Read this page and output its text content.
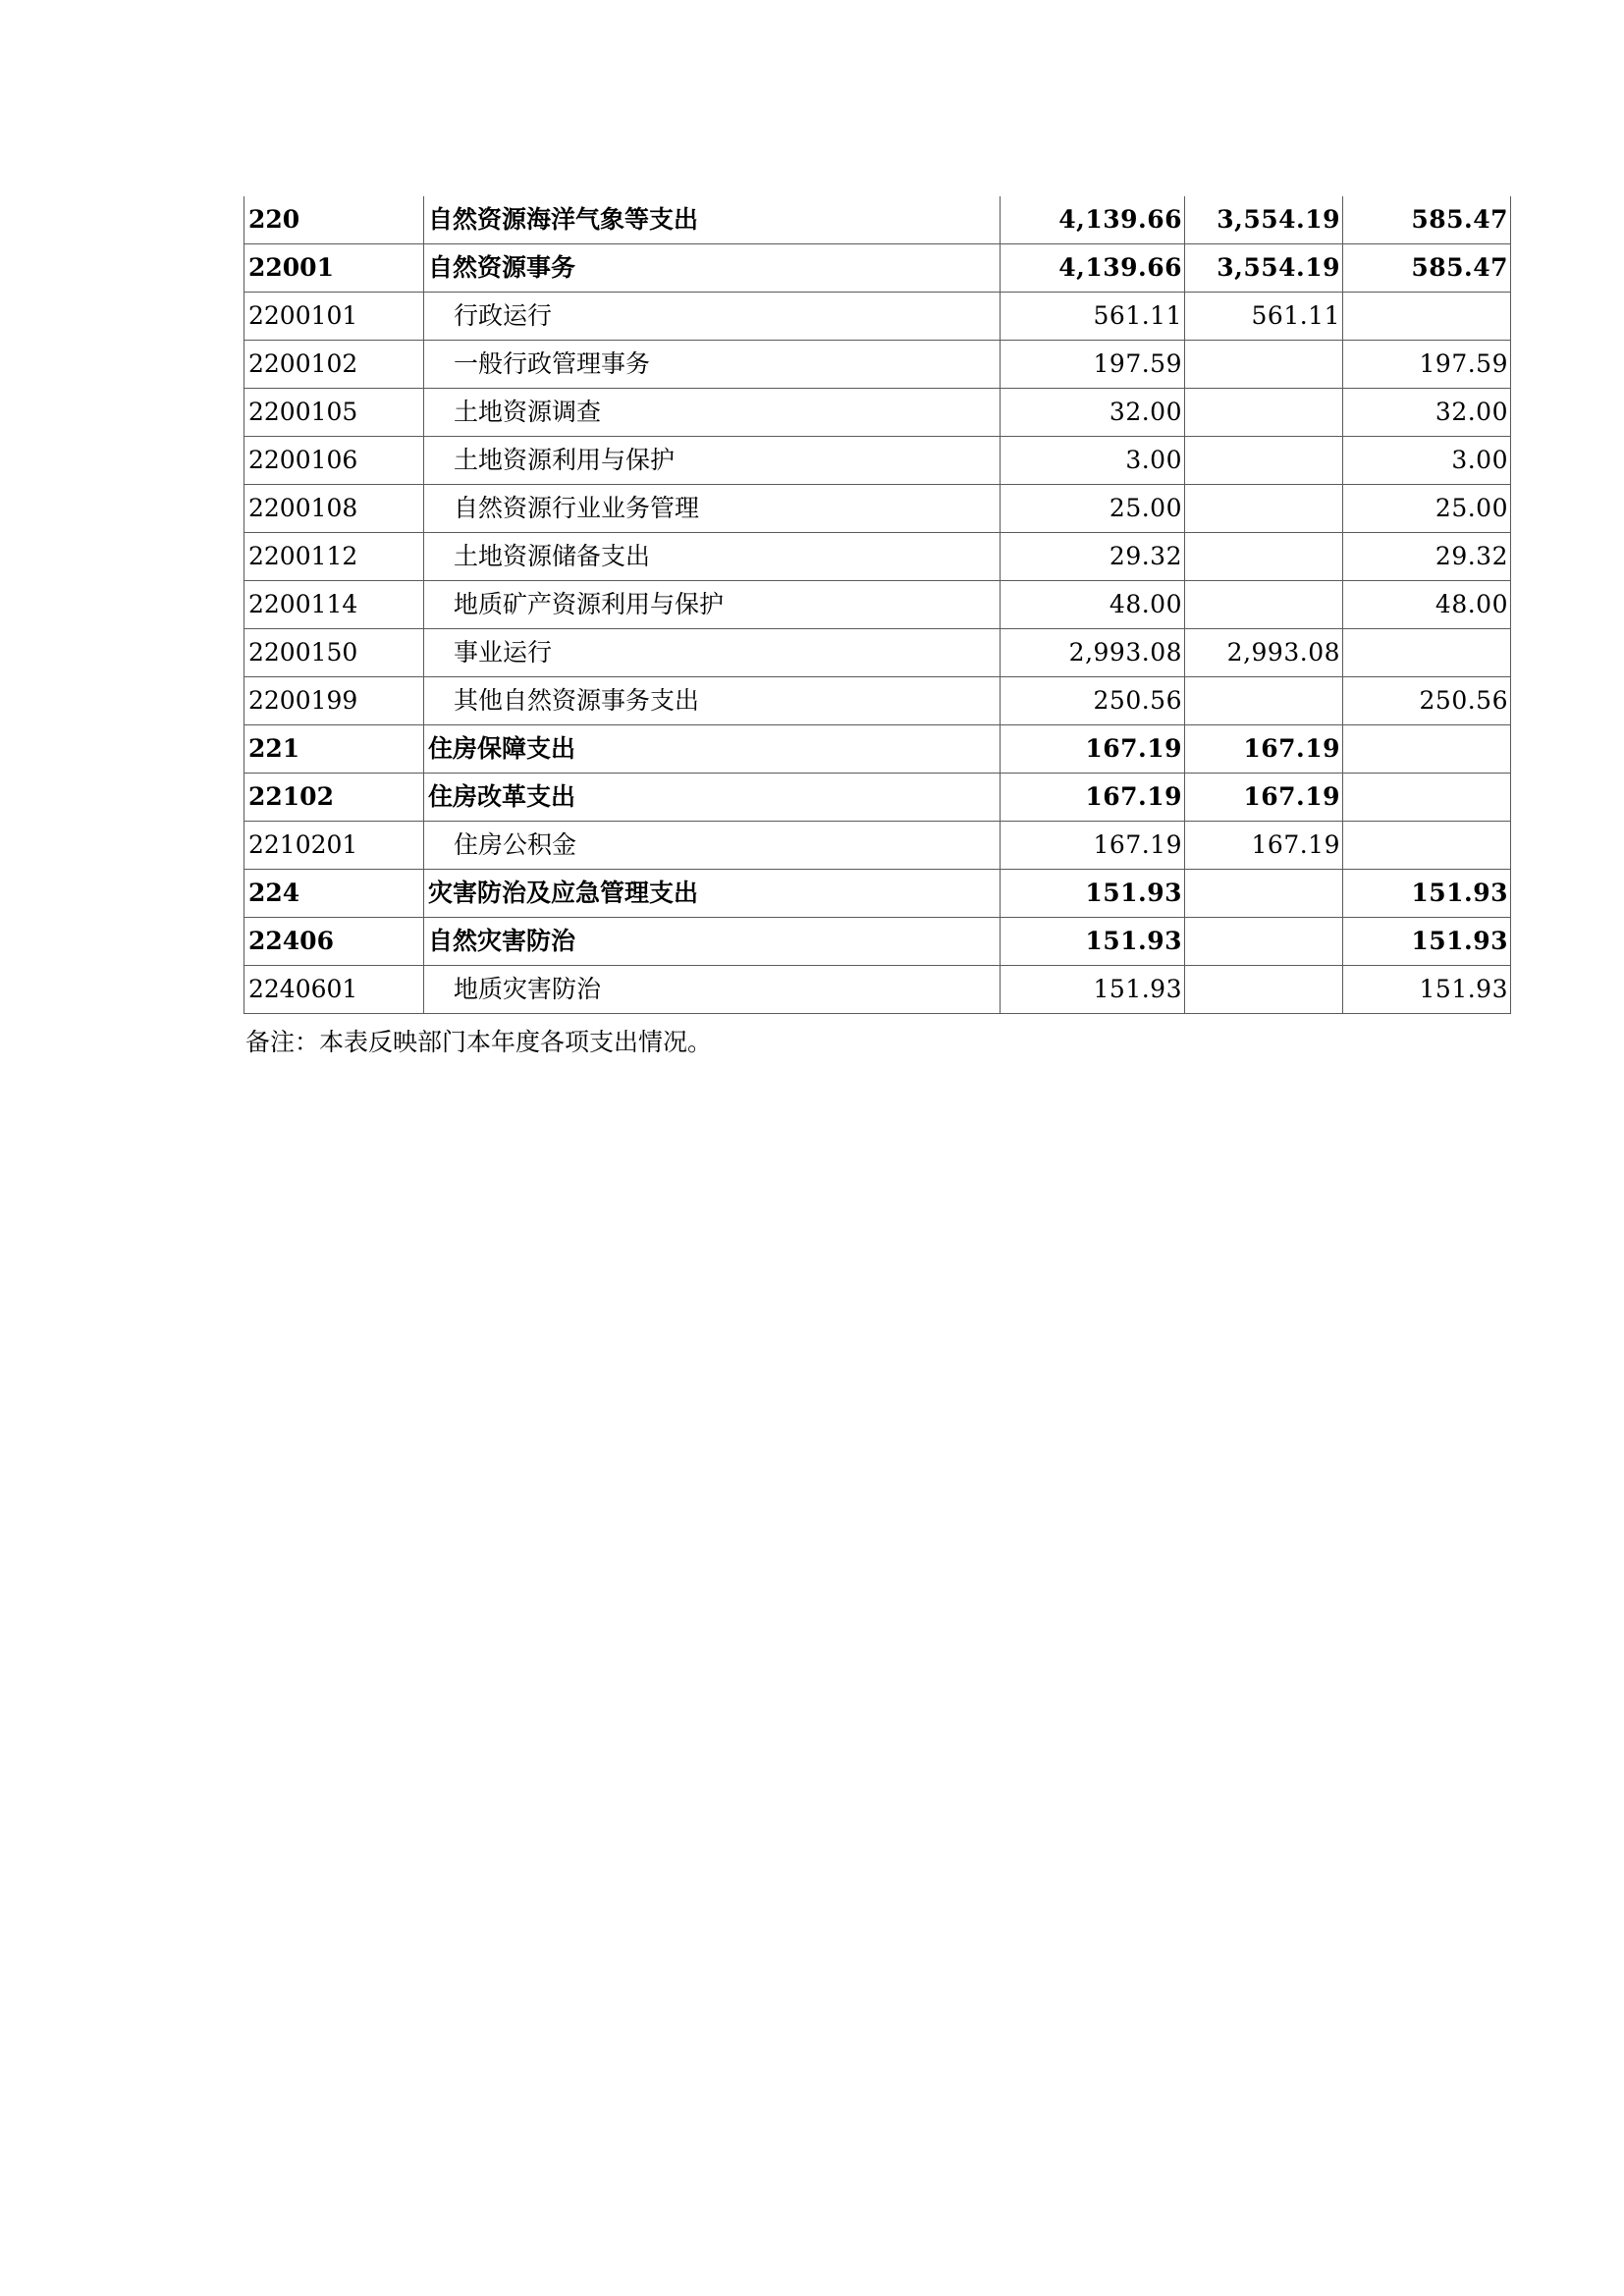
220	自然资源海洋气象等支出	4,139.66	3,554.19	585.47
22001	自然资源事务	4,139.66	3,554.19	585.47
2200101	行政运行	561.11	561.11	
2200102	一般行政管理事务	197.59		197.59
2200105	土地资源调查	32.00		32.00
2200106	土地资源利用与保护	3.00		3.00
2200108	自然资源行业业务管理	25.00		25.00
2200112	土地资源储备支出	29.32		29.32
2200114	地质矿产资源利用与保护	48.00		48.00
2200150	事业运行	2,993.08	2,993.08	
2200199	其他自然资源事务支出	250.56		250.56
221	住房保障支出	167.19	167.19	
22102	住房改革支出	167.19	167.19	
2210201	住房公积金	167.19	167.19	
224	灾害防治及应急管理支出	151.93		151.93
22406	自然灾害防治	151.93		151.93
2240601	地质灾害防治	151.93		151.93
备注：本表反映部门本年度各项支出情况。
